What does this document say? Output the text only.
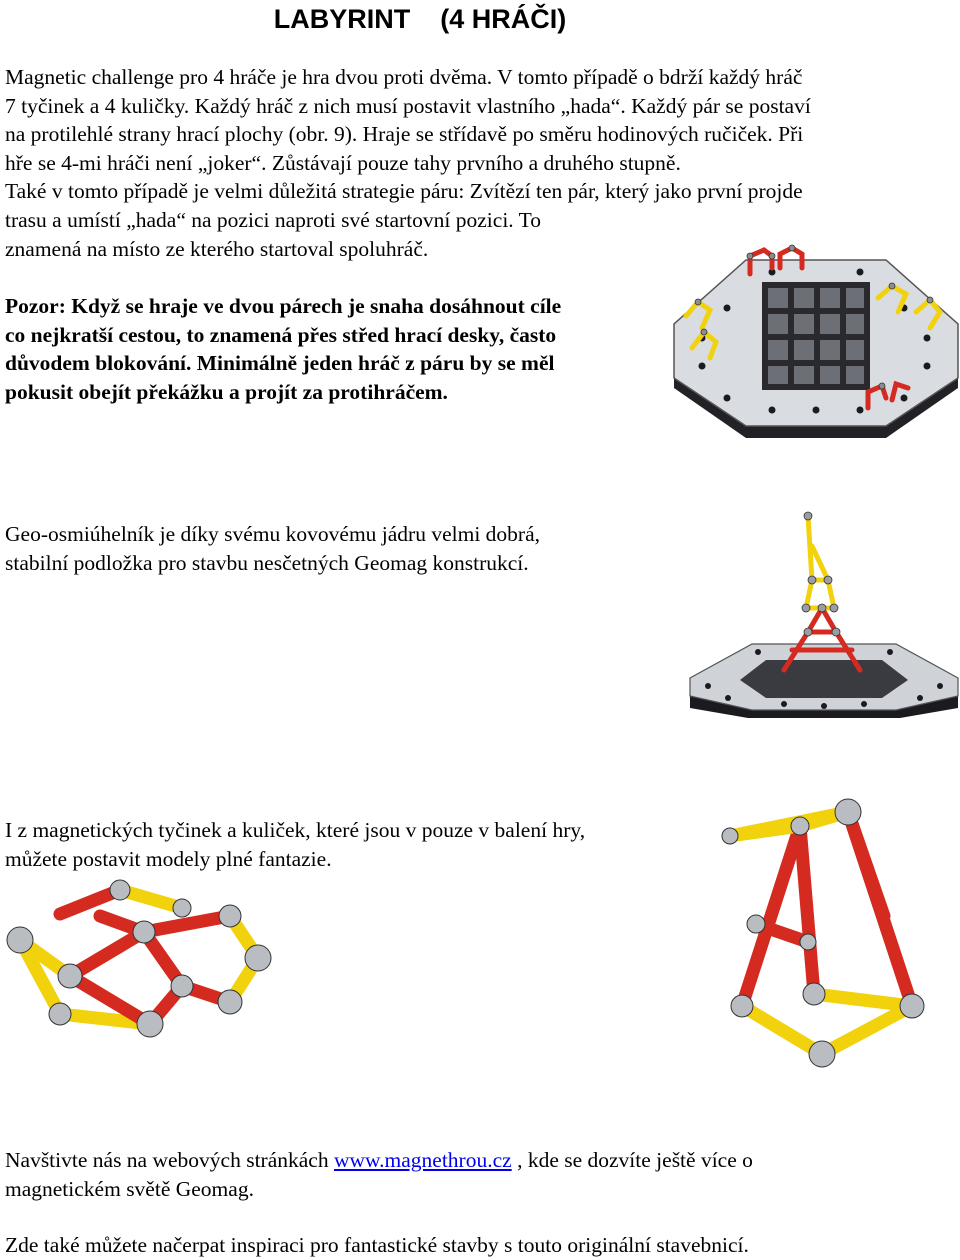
LABYRINT    (4 HRÁČI)
Magnetic challenge pro 4 hráče je hra dvou proti dvěma. V tomto případě o bdrží každý hráč
7 tyčinek a 4 kuličky. Každý hráč z nich musí postavit vlastního „hada“. Každý pár se postaví
na protilehlé strany hrací plochy (obr. 9). Hraje se střídavě po směru hodinových ručiček. Při
hře se 4-mi hráči není „joker“. Zůstávají pouze tahy prvního a druhého stupně.
Také v tomto případě je velmi důležitá strategie páru: Zvítězí ten pár, který jako první projde
trasu a umístí „hada“ na pozici naproti své startovní pozici. To
znamená na místo ze kterého startoval spoluhráč.
Pozor: Když se hraje ve dvou párech je snaha dosáhnout cíle
co nejkratší cestou, to znamená přes střed hrací desky, často
důvodem blokování. Minimálně jeden hráč z páru by se měl
pokusit obejít překážku a projít za protihráčem.
Geo-osmiúhelník je díky svému kovovému jádru velmi dobrá,
stabilní podložka pro stavbu nesčetných Geomag konstrukcí.
I z magnetických tyčinek a kuliček, které jsou v pouze v balení hry,
můžete postavit modely plné fantazie.
Navštivte nás na webových stránkách www.magnethrou.cz , kde se dozvíte ještě více o
magnetickém světě Geomag.
Zde také můžete načerpat inspiraci pro fantastické stavby s touto originální stavebnicí.
